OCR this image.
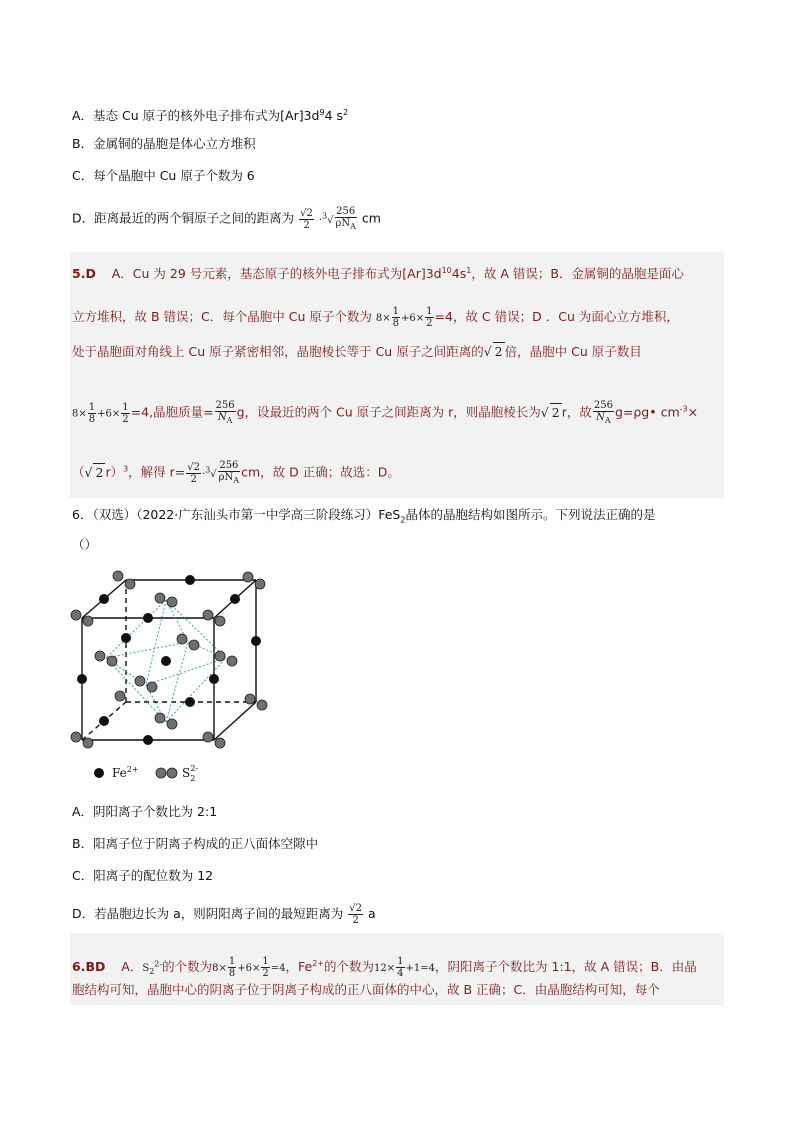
A．基态 Cu 原子的核外电子排布式为$[Ar]3d^94$ $s^2$
B．金属铜的晶胞是体心立方堆积
C．每个晶胞中 Cu 原子个数为 6
D．距离最近的两个铜原子之间的距离为 $\frac{√2}{2} \cdot^3√ \frac{256}{\rho N_A}$ cm
5.D A．Cu 为 29 号元素，基态原子的核外电子排布式为$[Ar]3d^{10}4s^1$，故 A 错误；B．金属铜的晶胞是面心
立方堆积，故 B 错误；C．每个晶胞中 Cu 原子个数为 $8\times \frac{1}{8} +6\times \frac{1}{2} =4$，故 C 错误；D ．Cu 为面心立方堆积，
处于晶胞面对角线上 Cu 原子紧密相邻，晶胞棱长等于 Cu 原子之间距离的√ 2 倍，晶胞中 Cu 原子数目
$8\times \frac{1}{8} +6\times \frac{1}{2} =4$,晶胞质量= $\frac{256}{N_A}$ g，设最近的两个 Cu 原子之间距离为 r，则晶胞棱长为√ 2 r，故 $\frac{256}{N_A}$ g=ρg• $cm^{-3}\times$
（√ 2 r）$^3$，解得 $r= \frac{√2}{2} \cdot^3√ \frac{256}{\rho N_A}$ cm，故 D 正确；故选：D。
6．（双选）（2022·广东汕头市第一中学高三阶段练习）FeS$_2$晶体的晶胞结构如图所示。下列说法正确的是
（）
$Fe^{2+}$	$S_22-$
A．阴阳离子个数比为 2:1
B．阳离子位于阴离子构成的正八面体空隙中
C．阳离子的配位数为 12
D．若晶胞边长为 a，则阴阳离子间的最短距离为 $\frac{√2}{2}$ a
6.BD A．$S_2^{2-}$的个数为$8\times \frac{1}{8} +6\times \frac{1}{2} =4$，$Fe^{2+}$的个数为$12\times \frac{1}{4} +1=4$，阴阳离子个数比为 1:1，故 A 错误；B．由晶
胞结构可知，晶胞中心的阴离子位于阴离子构成的正八面体的中心，故 B 正确；C．由晶胞结构可知，每个
